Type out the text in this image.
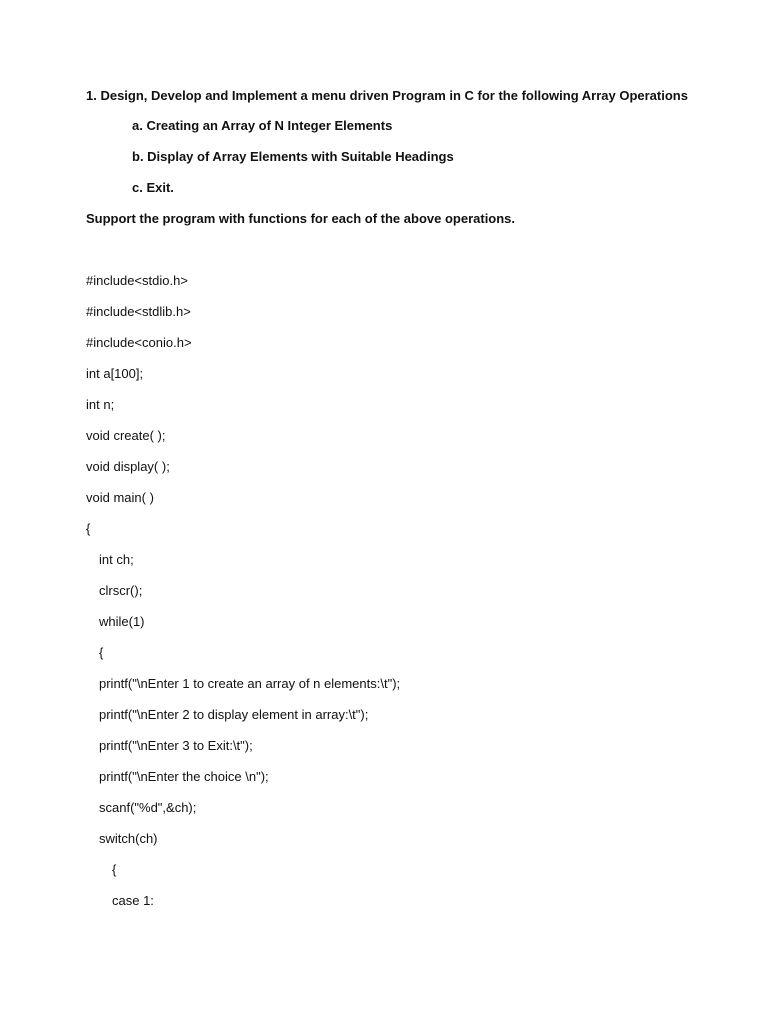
1. Design, Develop and Implement a menu driven Program in C for the following Array Operations
a. Creating an Array of N Integer Elements
b. Display of Array Elements with Suitable Headings
c. Exit.
Support the program with functions for each of the above operations.
#include<stdio.h>
#include<stdlib.h>
#include<conio.h>
int a[100];
int n;
void create( );
void display( );
void main( )
{
int ch;
clrscr();
while(1)
{
printf("\nEnter 1 to create an array of n elements:\t");
printf("\nEnter 2 to display element in array:\t");
printf("\nEnter 3 to Exit:\t");
printf("\nEnter the choice \n");
scanf("%d",&ch);
switch(ch)
{
case 1:
